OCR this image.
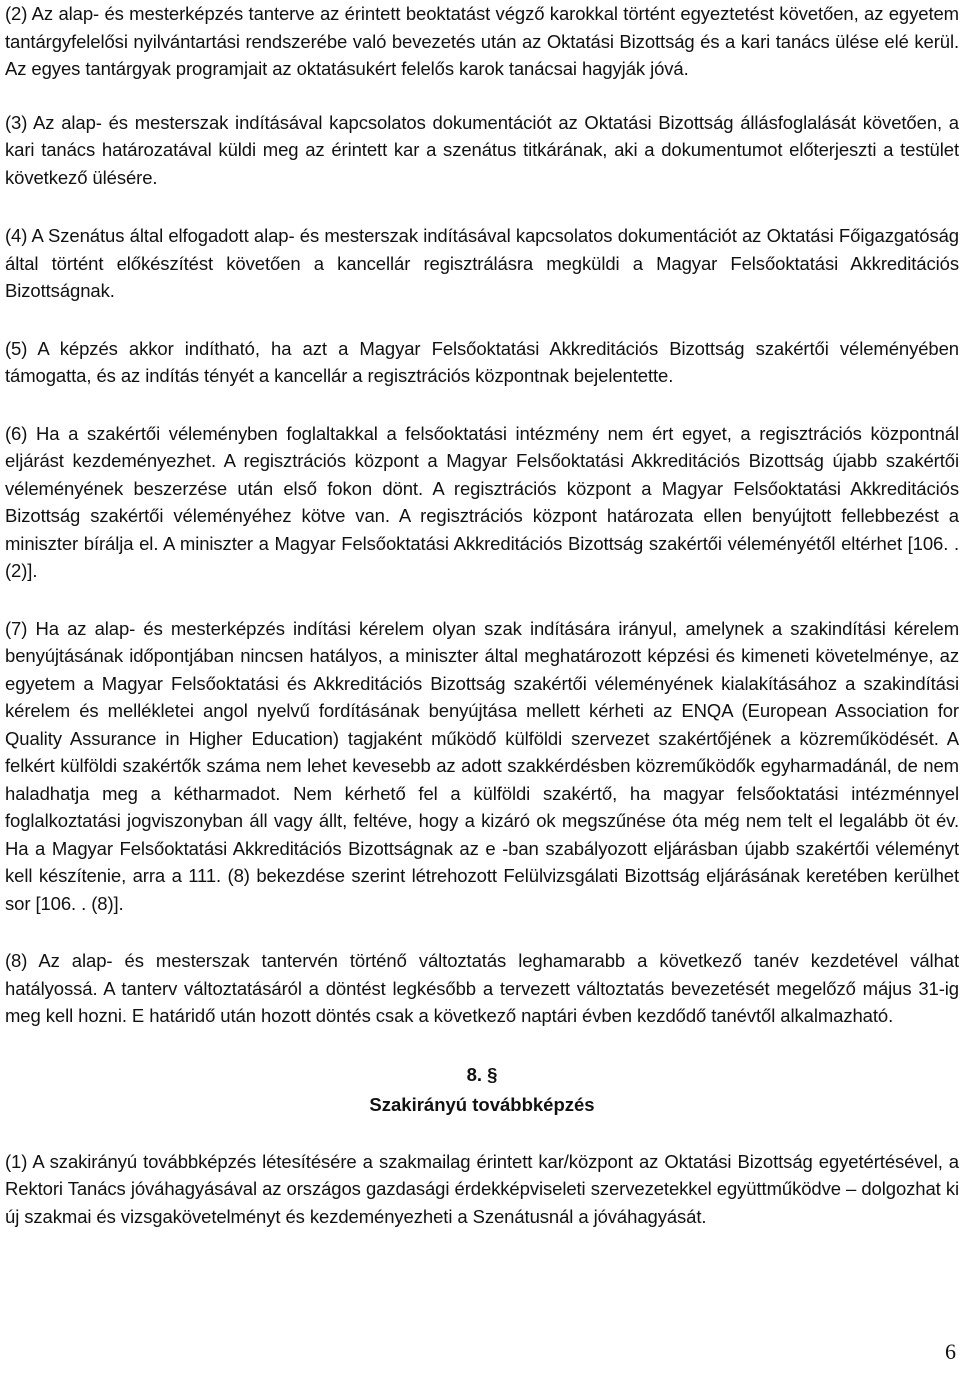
(2) Az alap- és mesterképzés tanterve az érintett beoktatást végző karokkal történt egyeztetést követően, az egyetem tantárgyfelelősi nyilvántartási rendszerébe való bevezetés után az Oktatási Bizottság és a kari tanács ülése elé kerül. Az egyes tantárgyak programjait az oktatásukért felelős karok tanácsai hagyják jóvá.

(3) Az alap- és mesterszak indításával kapcsolatos dokumentációt az Oktatási Bizottság állásfoglalását követően, a kari tanács határozatával küldi meg az érintett kar a szenátus titkárának, aki a dokumentumot előterjeszti a testület következő ülésére.

(4) A Szenátus által elfogadott alap- és mesterszak indításával kapcsolatos dokumentációt az Oktatási Főigazgatóság által történt előkészítést követően a kancellár regisztrálásra megküldi a Magyar Felsőoktatási Akkreditációs Bizottságnak.

(5) A képzés akkor indítható, ha azt a Magyar Felsőoktatási Akkreditációs Bizottság szakértői véleményében támogatta, és az indítás tényét a kancellár a regisztrációs központnak bejelentette.

(6) Ha a szakértői véleményben foglaltakkal a felsőoktatási intézmény nem ért egyet, a regisztrációs központnál eljárást kezdeményezhet. A regisztrációs központ a Magyar Felsőoktatási Akkreditációs Bizottság újabb szakértői véleményének beszerzése után első fokon dönt. A regisztrációs központ a Magyar Felsőoktatási Akkreditációs Bizottság szakértői véleményéhez kötve van. A regisztrációs központ határozata ellen benyújtott fellebbezést a miniszter bírálja el. A miniszter a Magyar Felsőoktatási Akkreditációs Bizottság szakértői véleményétől eltérhet [106. . (2)].

(7) Ha az alap- és mesterképzés indítási kérelem olyan szak indítására irányul, amelynek a szakindítási kérelem benyújtásának időpontjában nincsen hatályos, a miniszter által meghatározott képzési és kimeneti követelménye, az egyetem a Magyar Felsőoktatási és Akkreditációs Bizottság szakértői véleményének kialakításához a szakindítási kérelem és mellékletei angol nyelvű fordításának benyújtása mellett kérheti az ENQA (European Association for Quality Assurance in Higher Education) tagjaként működő külföldi szervezet szakértőjének a közreműködését. A felkért külföldi szakértők száma nem lehet kevesebb az adott szakkérdésben közreműködők egyharmadánál, de nem haladhatja meg a kétharmadot. Nem kérhető fel a külföldi szakértő, ha magyar felsőoktatási intézménnyel foglalkoztatási jogviszonyban áll vagy állt, feltéve, hogy a kizáró ok megszűnése óta még nem telt el legalább öt év. Ha a Magyar Felsőoktatási Akkreditációs Bizottságnak az e -ban szabályozott eljárásban újabb szakértői véleményt kell készítenie, arra a 111. (8) bekezdése szerint létrehozott Felülvizsgálati Bizottság eljárásának keretében kerülhet sor [106. . (8)].

(8) Az alap- és mesterszak tantervén történő változtatás leghamarabb a következő tanév kezdetével válhat hatályossá. A tanterv változtatásáról a döntést legkésőbb a tervezett változtatás bevezetését megelőző május 31-ig meg kell hozni. E határidő után hozott döntés csak a következő naptári évben kezdődő tanévtől alkalmazható.

8. §

Szakirányú továbbképzés

(1) A szakirányú továbbképzés létesítésére a szakmailag érintett kar/központ az Oktatási Bizottság egyetértésével, a Rektori Tanács jóváhagyásával az országos gazdasági érdekképviseleti szervezetekkel együttműködve – dolgozhat ki új szakmai és vizsgakövetelményt és kezdeményezheti a Szenátusnál a jóváhagyását.

6
